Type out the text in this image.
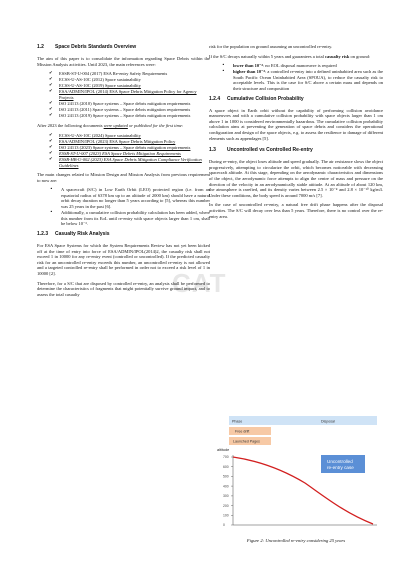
1.2 Space Debris Standards Overview

The aim of this paper is to consolidate the information regarding Space Debris within the Mission Analysis activities. Until 2023, the main references were:

✔ ESSB-ST-U-004 (2017) ESA Re-entry Safety Requirements
✔ ECSS-U-AS-10C (2012) Space sustainability
✔ ECSS-U-AS-10C (2019) Space sustainability
✔ ESA/ADMIN/IPOL (2014) ESA Space Debris Mitigation Policy for Agency Projects
✔ ISO 24113 (2010) Space systems – Space debris mitigation requirements
✔ ISO 24113 (2011) Space systems – Space debris mitigation requirements
✔ ISO 24113 (2019) Space systems – Space debris mitigation requirements

After 2023 the following documents were updated or published for the first time:

✔ ECSS-U-AS-10C (2024) Space sustainability
✔ ESA/ADMIN/IPOL (2023) ESA Space Debris Mitigation Policy
✔ ISO 24113 (2023) Space systems – Space debris mitigation requirements
✔ ESSB-ST-U-007 (2023) ESA Space Debris Mitigation Requirements
✔ ESSB-HB-U-002 (2023) ESA Space Debris Mitigation Compliance Verification Guidelines

The main changes related to Mission Design and Mission Analysis from previous requirement to now are:

• A spacecraft (S/C) in Low Earth Orbit (LEO) protected region (i.e. from an equatorial radius of 6378 km up to an altitude of 2000 km) should have a natural orbit decay duration no longer than 5 years according to [5], whereas this number was 25 years in the past [6].
• Additionally, a cumulative collision probability calculation has been added, where this number from its EoL until re-entry with space objects larger than 1 cm, shall be below 10⁻³.
1.2.3 Casualty Risk Analysis

For ESA Space Systems for which the System Requirements Review has not yet been kicked off at the time of entry into force of ESA/ADMIN/IPOL(2014)2, the casualty risk shall not exceed 1 in 10000 for any re-entry event (controlled or uncontrolled). If the predicted casualty risk for an uncontrolled re-entry exceeds this number, an uncontrolled re-entry is not allowed and a targeted controlled re-entry shall be performed in order not to exceed a risk level of 1 in 10000 [2].

Therefore, for a S/C that are disposed by controlled re-entry, an analysis shall be performed to determine the characteristics of fragments that might potentially survive ground impact, and to assess the total casualty

risk for the population on ground assuming an uncontrolled re-entry.

If the S/C decays naturally within 5 years and guarantees a total casualty risk on ground:

• lower than 10⁻⁴: no EOL disposal manoeuvre is required
• higher than 10⁻⁴: a controlled re-entry into a defined uninhabited area such as the South Pacific Ocean Uninhabited Area (SPOUA), to reduce the casualty risk to acceptable levels. This is the case for S/C above a certain mass and depends on their structure and composition
1.2.4 Cumulative Collision Probability

A space object in Earth orbit without the capability of performing collision avoidance manoeuvres and with a cumulative collision probability with space objects larger than 1 cm above 1 in 1000 is considered environmentally hazardous. The cumulative collision probability calculation aims at preventing the generation of space debris and considers the operational configuration and design of the space objects, e.g. to assess the resilience to damage of different elements such as appendages [5].

1.3 Uncontrolled vs Controlled Re-entry

During re-entry, the object loses altitude and speed gradually. The air resistance slows the object progressively, attempting to circularize the orbit, which becomes noticeable with decreasing spacecraft altitude. At this stage, depending on the aerodynamic characteristics and dimensions of the object, the aerodynamic force attempts to align the centre of mass and pressure on the direction of the velocity in an aerodynamically stable attitude. At an altitude of about 120 km, the atmosphere is rarefied, and its density varies between 2.5 × 10⁻⁸ and 2.8 × 10⁻¹⁰ kg/m3. Under these conditions, the body speed is around 7000 m/s [7].

In the case of uncontrolled re-entry, a natural free drift phase happens after the disposal activities. The S/C will decay over less than 5 years. Therefore, there is no control over the re-entry area.

CAT
Phase	Disposal
Free drift
Launched Pages
altitude
700
600
500
400
300
200
100
0
Uncontrolled
re-entry case
Figure 2: Uncontrolled re-entry considering 25 years
